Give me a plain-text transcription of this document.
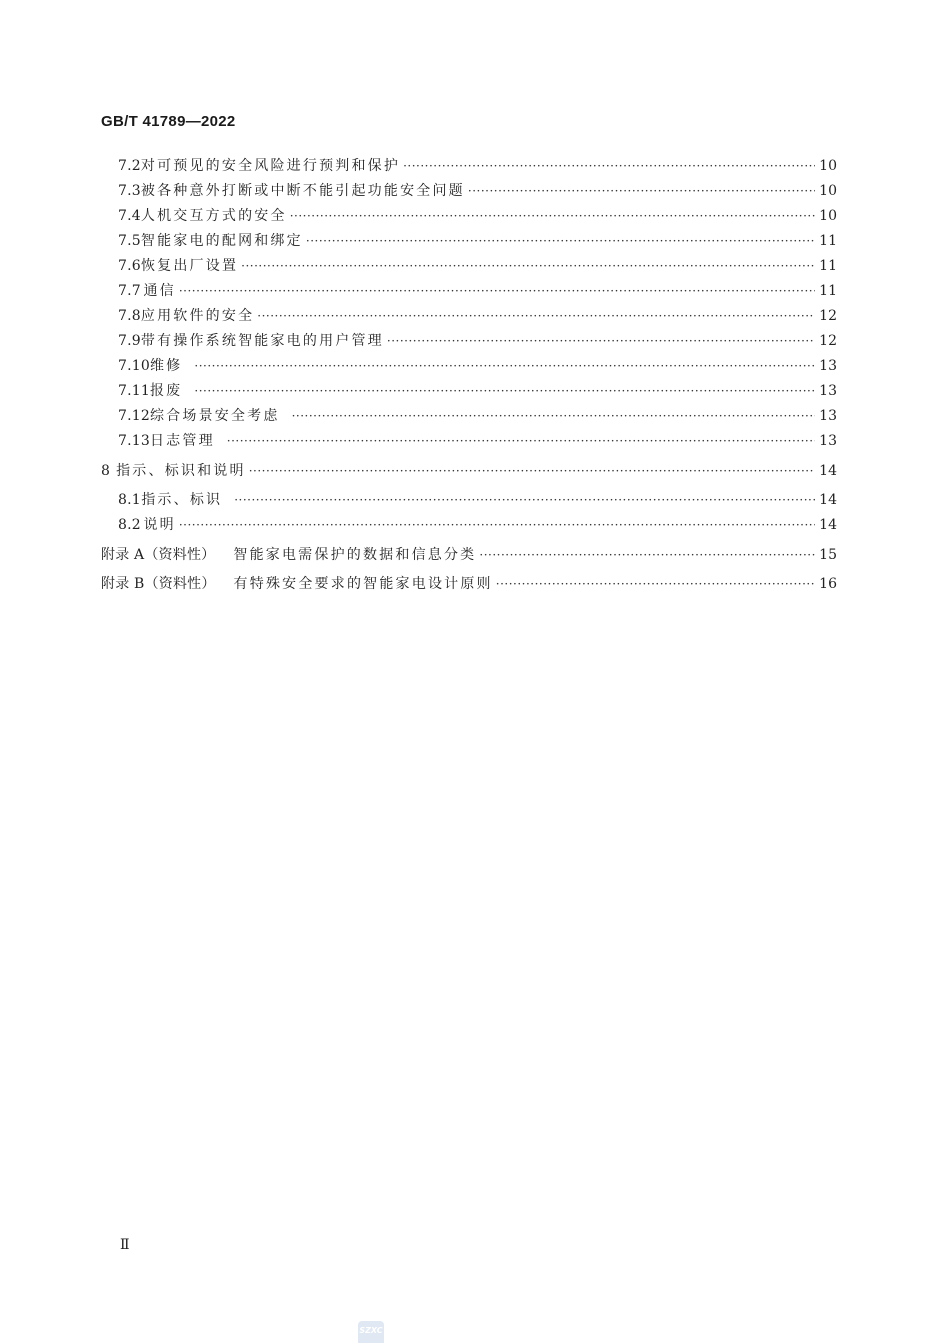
GB/T 41789—2022
7.2 对可预见的安全风险进行预判和保护 ·····	10
7.3 被各种意外打断或中断不能引起功能安全问题 ·····	10
7.4 人机交互方式的安全 ·····	10
7.5 智能家电的配网和绑定 ·····	11
7.6 恢复出厂设置 ·····	11
7.7 通信 ·····	11
7.8 应用软件的安全 ·····	12
7.9 带有操作系统智能家电的用户管理 ·····	12
7.10 维修 ·····	13
7.11 报废 ·····	13
7.12 综合场景安全考虑 ·····	13
7.13 日志管理 ·····	13
8 指示、标识和说明 ·····	14
8.1 指示、标识 ·····	14
8.2 说明 ·····	14
附录 A（资料性） 智能家电需保护的数据和信息分类 ·····	15
附录 B（资料性） 有特殊安全要求的智能家电设计原则 ·····	16
Ⅱ
SZXC
